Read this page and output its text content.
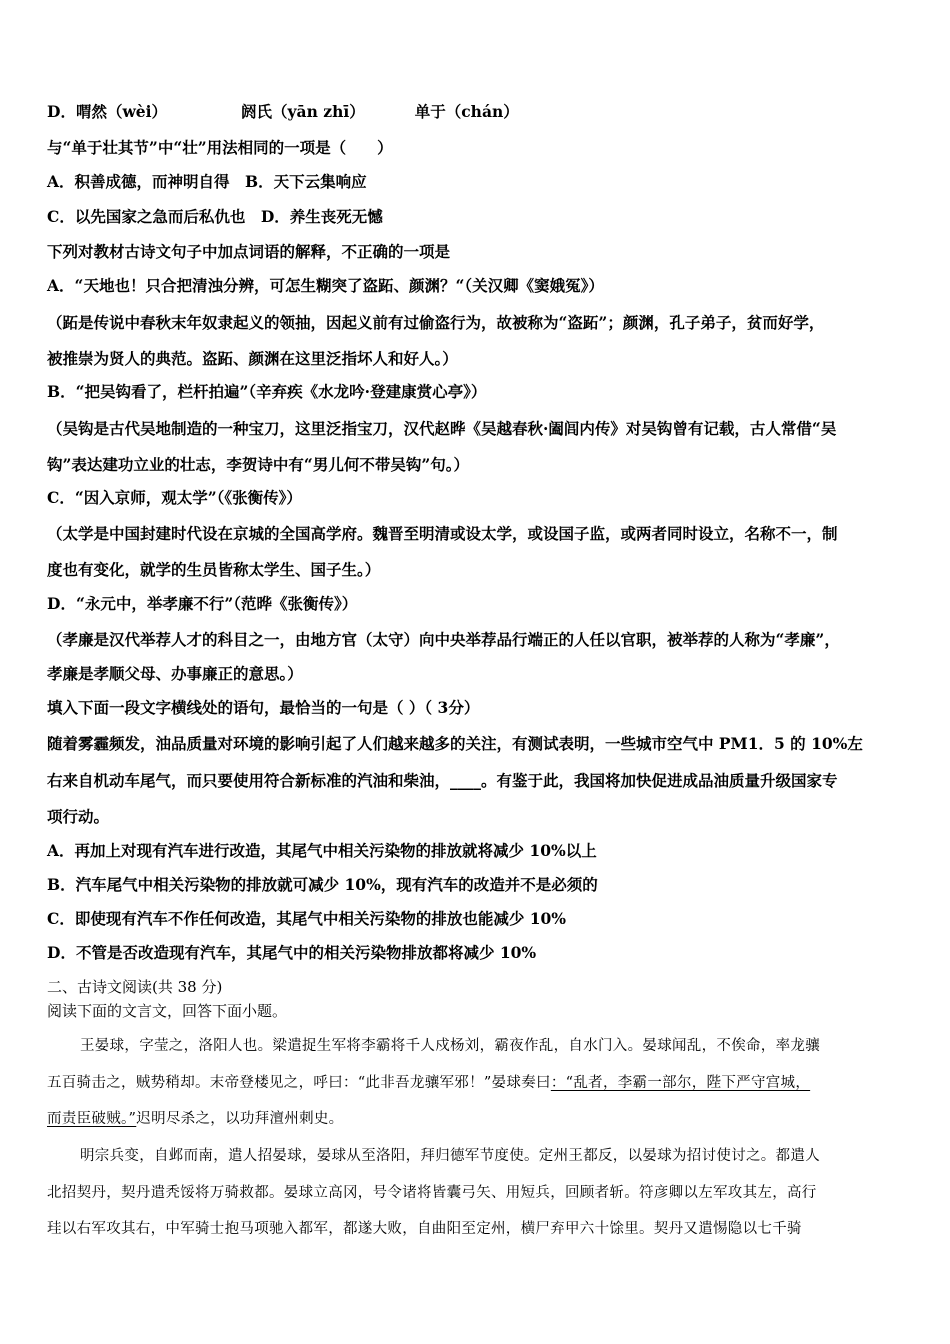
D．喟然（wèi）	阏氏（yān zhī）	单于（chán）
与“单于壮其节”中“壮”用法相同的一项是（　　）
A．积善成德，而神明自得　B．天下云集响应
C．以先国家之急而后私仇也　D．养生丧死无憾
下列对教材古诗文句子中加点词语的解释，不正确的一项是
A．“天地也！只合把清浊分辨，可怎生糊突了盗跖、颜渊？“（关汉卿《窦娥冤》）
（跖是传说中春秋末年奴隶起义的领抽，因起义前有过偷盗行为，故被称为“盗跖”；颜渊，孔子弟子，贫而好学，
被推崇为贤人的典范。盗跖、颜渊在这里泛指坏人和好人。）
B．“把吴钩看了，栏杆拍遍”（辛弃疾《水龙吟·登建康赏心亭》）
（吴钩是古代吴地制造的一种宝刀，这里泛指宝刀，汉代赵晔《吴越春秋·阖闾内传》对吴钩曾有记载，古人常借“吴
钩”表达建功立业的壮志，李贺诗中有“男儿何不带吴钩”句。）
C．“因入京师，观太学”（《张衡传》）
（太学是中国封建时代设在京城的全国高学府。魏晋至明清或设太学，或设国子监，或两者同时设立，名称不一，制
度也有变化，就学的生员皆称太学生、国子生。）
D．“永元中，举孝廉不行”（范晔《张衡传》）
（孝廉是汉代举荐人才的科目之一，由地方官（太守）向中央举荐品行端正的人任以官职，被举荐的人称为“孝廉”，
孝廉是孝顺父母、办事廉正的意思。）
填入下面一段文字横线处的语句，最恰当的一句是（ ）（ 3分）
随着雾霾频发，油品质量对环境的影响引起了人们越来越多的关注，有测试表明，一些城市空气中 PM1．5 的 10%左
右来自机动车尾气，而只要使用符合新标准的汽油和柴油，____。有鉴于此，我国将加快促进成品油质量升级国家专
项行动。
A．再加上对现有汽车进行改造，其尾气中相关污染物的排放就将减少 10%以上
B．汽车尾气中相关污染物的排放就可减少 10%，现有汽车的改造并不是必须的
C．即使现有汽车不作任何改造，其尾气中相关污染物的排放也能减少 10%
D．不管是否改造现有汽车，其尾气中的相关污染物排放都将减少 10%
二、古诗文阅读(共 38 分)
阅读下面的文言文，回答下面小题。
王晏球，字莹之，洛阳人也。梁遣捉生军将李霸将千人戍杨刘，霸夜作乱，自水门入。晏球闻乱，不俟命，率龙骧
五百骑击之，贼势稍却。末帝登楼见之，呼曰：“此非吾龙骧军邪！”晏球奏曰：“乱者，李霸一部尔，陛下严守宫城，
而责臣破贼。”迟明尽杀之，以功拜澶州刺史。
明宗兵变，自邺而南，遣人招晏球，晏球从至洛阳，拜归德军节度使。定州王都反，以晏球为招讨使讨之。都遣人
北招契丹，契丹遣秃馁将万骑救都。晏球立高冈，号令诸将皆囊弓矢、用短兵，回顾者斩。符彦卿以左军攻其左，高行
珪以右军攻其右，中军骑士抱马项驰入都军，都遂大败，自曲阳至定州，横尸弃甲六十馀里。契丹又遣惕隐以七千骑
